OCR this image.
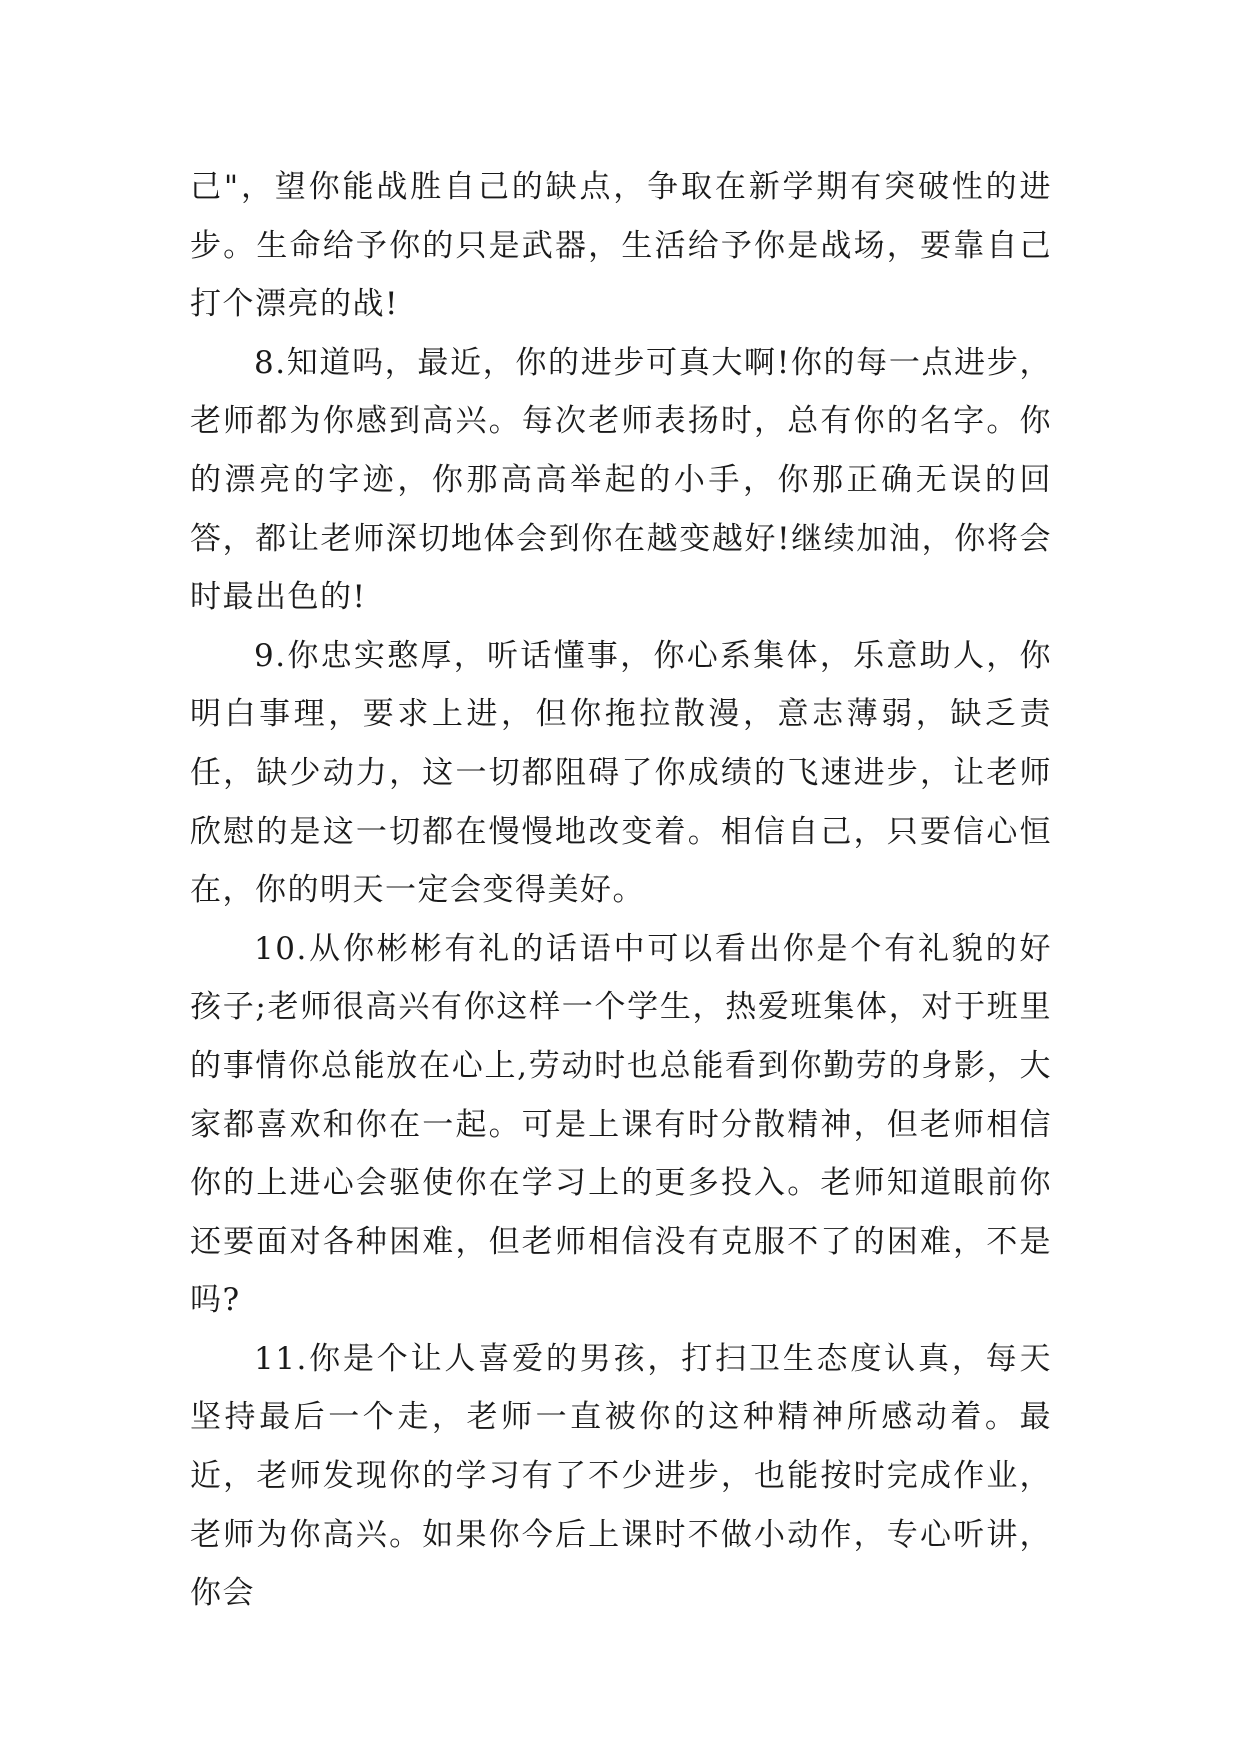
己"，望你能战胜自己的缺点，争取在新学期有突破性的进步。生命给予你的只是武器，生活给予你是战场，要靠自己打个漂亮的战!

8.知道吗，最近，你的进步可真大啊!你的每一点进步，老师都为你感到高兴。每次老师表扬时，总有你的名字。你的漂亮的字迹，你那高高举起的小手，你那正确无误的回答，都让老师深切地体会到你在越变越好!继续加油，你将会时最出色的!

9.你忠实憨厚，听话懂事，你心系集体，乐意助人，你明白事理，要求上进，但你拖拉散漫，意志薄弱，缺乏责任，缺少动力，这一切都阻碍了你成绩的飞速进步，让老师欣慰的是这一切都在慢慢地改变着。相信自己，只要信心恒在，你的明天一定会变得美好。

10.从你彬彬有礼的话语中可以看出你是个有礼貌的好孩子;老师很高兴有你这样一个学生，热爱班集体，对于班里的事情你总能放在心上,劳动时也总能看到你勤劳的身影，大家都喜欢和你在一起。可是上课有时分散精神，但老师相信你的上进心会驱使你在学习上的更多投入。老师知道眼前你还要面对各种困难，但老师相信没有克服不了的困难，不是吗?

11.你是个让人喜爱的男孩，打扫卫生态度认真，每天坚持最后一个走，老师一直被你的这种精神所感动着。最近，老师发现你的学习有了不少进步，也能按时完成作业，老师为你高兴。如果你今后上课时不做小动作，专心听讲，你会
